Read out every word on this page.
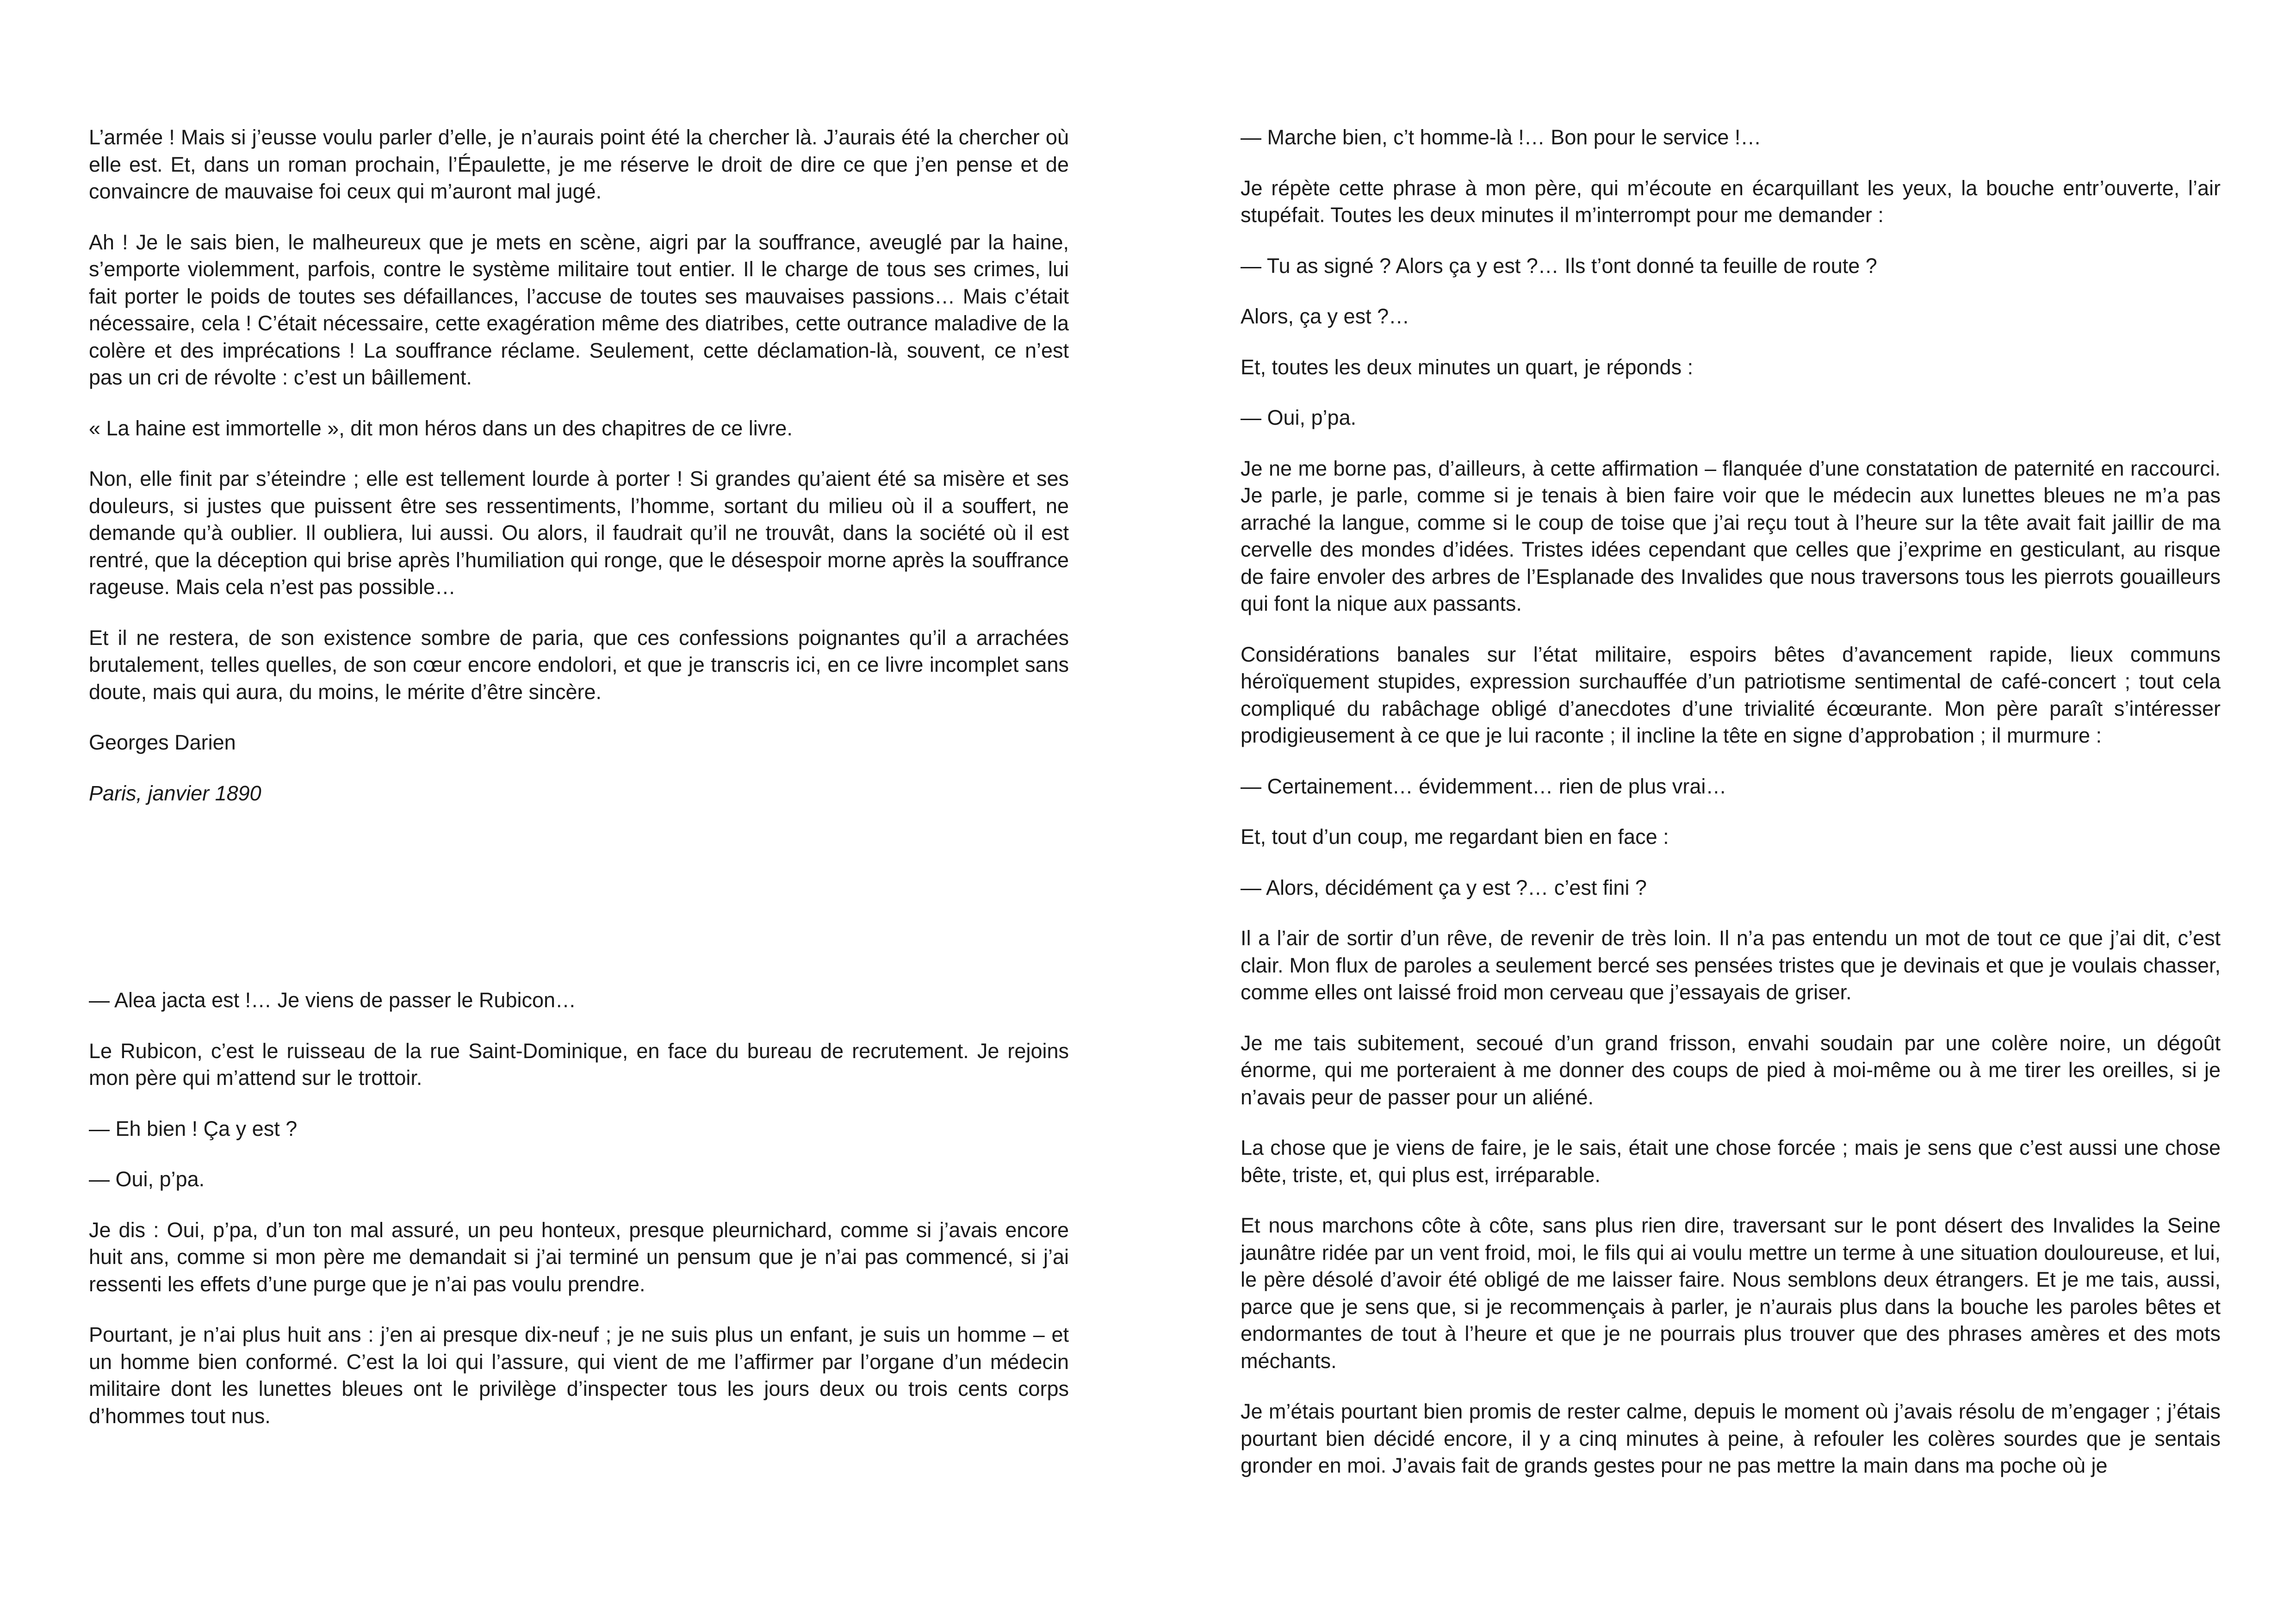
L’armée ! Mais si j’eusse voulu parler d’elle, je n’aurais point été la chercher là. J’aurais été la chercher où elle est. Et, dans un roman prochain, l’Épaulette, je me réserve le droit de dire ce que j’en pense et de convaincre de mauvaise foi ceux qui m’auront mal jugé.

Ah ! Je le sais bien, le malheureux que je mets en scène, aigri par la souffrance, aveuglé par la haine, s’emporte violemment, parfois, contre le système militaire tout entier. Il le charge de tous ses crimes, lui fait porter le poids de toutes ses défaillances, l’accuse de toutes ses mauvaises passions… Mais c’était nécessaire, cela ! C’était nécessaire, cette exagération même des diatribes, cette outrance maladive de la colère et des imprécations ! La souffrance réclame. Seulement, cette déclamation-là, souvent, ce n’est pas un cri de révolte : c’est un bâillement.

« La haine est immortelle », dit mon héros dans un des chapitres de ce livre.

Non, elle finit par s’éteindre ; elle est tellement lourde à porter ! Si grandes qu’aient été sa misère et ses douleurs, si justes que puissent être ses ressentiments, l’homme, sortant du milieu où il a souffert, ne demande qu’à oublier. Il oubliera, lui aussi. Ou alors, il faudrait qu’il ne trouvât, dans la société où il est rentré, que la déception qui brise après l’humiliation qui ronge, que le désespoir morne après la souffrance rageuse. Mais cela n’est pas possible…

Et il ne restera, de son existence sombre de paria, que ces confessions poignantes qu’il a arrachées brutalement, telles quelles, de son cœur encore endolori, et que je transcris ici, en ce livre incomplet sans doute, mais qui aura, du moins, le mérite d’être sincère.

Georges Darien

Paris, janvier 1890

— Alea jacta est !… Je viens de passer le Rubicon…

Le Rubicon, c’est le ruisseau de la rue Saint-Dominique, en face du bureau de recrutement. Je rejoins mon père qui m’attend sur le trottoir.

— Eh bien ! Ça y est ?

— Oui, p’pa.

Je dis : Oui, p’pa, d’un ton mal assuré, un peu honteux, presque pleurnichard, comme si j’avais encore huit ans, comme si mon père me demandait si j’ai terminé un pensum que je n’ai pas commencé, si j’ai ressenti les effets d’une purge que je n’ai pas voulu prendre.

Pourtant, je n’ai plus huit ans : j’en ai presque dix-neuf ; je ne suis plus un enfant, je suis un homme – et un homme bien conformé. C’est la loi qui l’assure, qui vient de me l’affirmer par l’organe d’un médecin militaire dont les lunettes bleues ont le privilège d’inspecter tous les jours deux ou trois cents corps d’hommes tout nus.

— Marche bien, c’t homme-là !… Bon pour le service !…

Je répète cette phrase à mon père, qui m’écoute en écarquillant les yeux, la bouche entr’ouverte, l’air stupéfait. Toutes les deux minutes il m’interrompt pour me demander :

— Tu as signé ? Alors ça y est ?… Ils t’ont donné ta feuille de route ?

Alors, ça y est ?…

Et, toutes les deux minutes un quart, je réponds :

— Oui, p’pa.

Je ne me borne pas, d’ailleurs, à cette affirmation – flanquée d’une constatation de paternité en raccourci. Je parle, je parle, comme si je tenais à bien faire voir que le médecin aux lunettes bleues ne m’a pas arraché la langue, comme si le coup de toise que j’ai reçu tout à l’heure sur la tête avait fait jaillir de ma cervelle des mondes d’idées. Tristes idées cependant que celles que j’exprime en gesticulant, au risque de faire envoler des arbres de l’Esplanade des Invalides que nous traversons tous les pierrots gouailleurs qui font la nique aux passants.

Considérations banales sur l’état militaire, espoirs bêtes d’avancement rapide, lieux communs héroïquement stupides, expression surchauffée d’un patriotisme sentimental de café-concert ; tout cela compliqué du rabâchage obligé d’anecdotes d’une trivialité écœurante. Mon père paraît s’intéresser prodigieusement à ce que je lui raconte ; il incline la tête en signe d’approbation ; il murmure :

— Certainement… évidemment… rien de plus vrai…

Et, tout d’un coup, me regardant bien en face :

— Alors, décidément ça y est ?… c’est fini ?

Il a l’air de sortir d’un rêve, de revenir de très loin. Il n’a pas entendu un mot de tout ce que j’ai dit, c’est clair. Mon flux de paroles a seulement bercé ses pensées tristes que je devinais et que je voulais chasser, comme elles ont laissé froid mon cerveau que j’essayais de griser.

Je me tais subitement, secoué d’un grand frisson, envahi soudain par une colère noire, un dégoût énorme, qui me porteraient à me donner des coups de pied à moi-même ou à me tirer les oreilles, si je n’avais peur de passer pour un aliéné.

La chose que je viens de faire, je le sais, était une chose forcée ; mais je sens que c’est aussi une chose bête, triste, et, qui plus est, irréparable.

Et nous marchons côte à côte, sans plus rien dire, traversant sur le pont désert des Invalides la Seine jaunâtre ridée par un vent froid, moi, le fils qui ai voulu mettre un terme à une situation douloureuse, et lui, le père désolé d’avoir été obligé de me laisser faire. Nous semblons deux étrangers. Et je me tais, aussi, parce que je sens que, si je recommençais à parler, je n’aurais plus dans la bouche les paroles bêtes et endormantes de tout à l’heure et que je ne pourrais plus trouver que des phrases amères et des mots méchants.

Je m’étais pourtant bien promis de rester calme, depuis le moment où j’avais résolu de m’engager ; j’étais pourtant bien décidé encore, il y a cinq minutes à peine, à refouler les colères sourdes que je sentais gronder en moi. J’avais fait de grands gestes pour ne pas mettre la main dans ma poche où je
